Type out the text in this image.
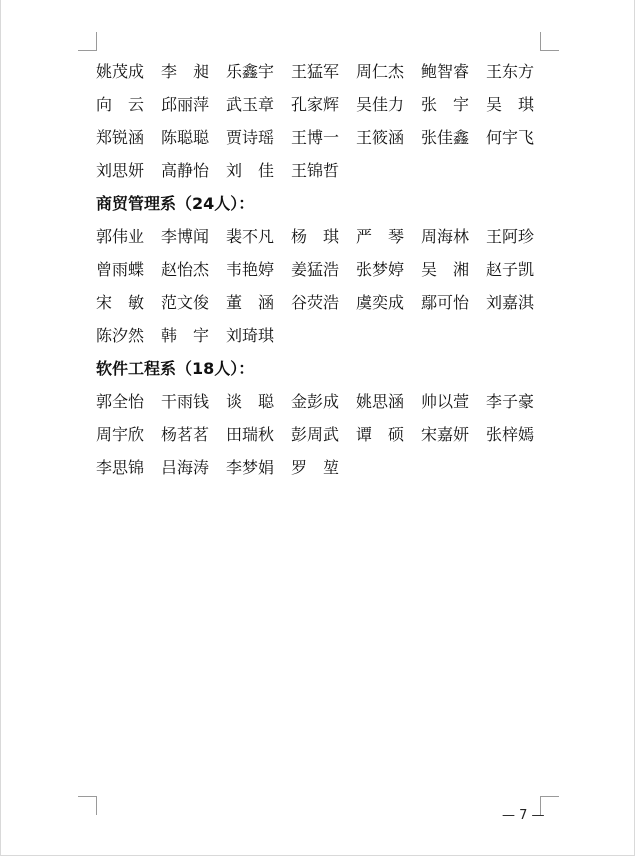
姚茂成	李　昶	乐鑫宇	王猛军	周仁杰	鲍智睿	王东方
向　云	邱丽萍	武玉章	孔家辉	吴佳力	张　宇	吴　琪
郑锐涵	陈聪聪	贾诗瑶	王博一	王筱涵	张佳鑫	何宇飞
刘思妍	高静怡	刘　佳	王锦哲
商贸管理系（24人）：
郭伟业	李博闻	裴不凡	杨　琪	严　琴	周海林	王阿珍
曾雨蝶	赵怡杰	韦艳婷	姜猛浩	张梦婷	吴　湘	赵子凯
宋　敏	范文俊	董　涵	谷荧浩	虞奕成	鄢可怡	刘嘉淇
陈汐然	韩　宇	刘琦琪
软件工程系（18人）：
郭全怡	干雨钱	谈　聪	金彭成	姚思涵	帅以萱	李子豪
周宇欣	杨茗茗	田瑞秋	彭周武	谭　硕	宋嘉妍	张梓嫣
李思锦	吕海涛	李梦娟	罗　堃
— 7 —
